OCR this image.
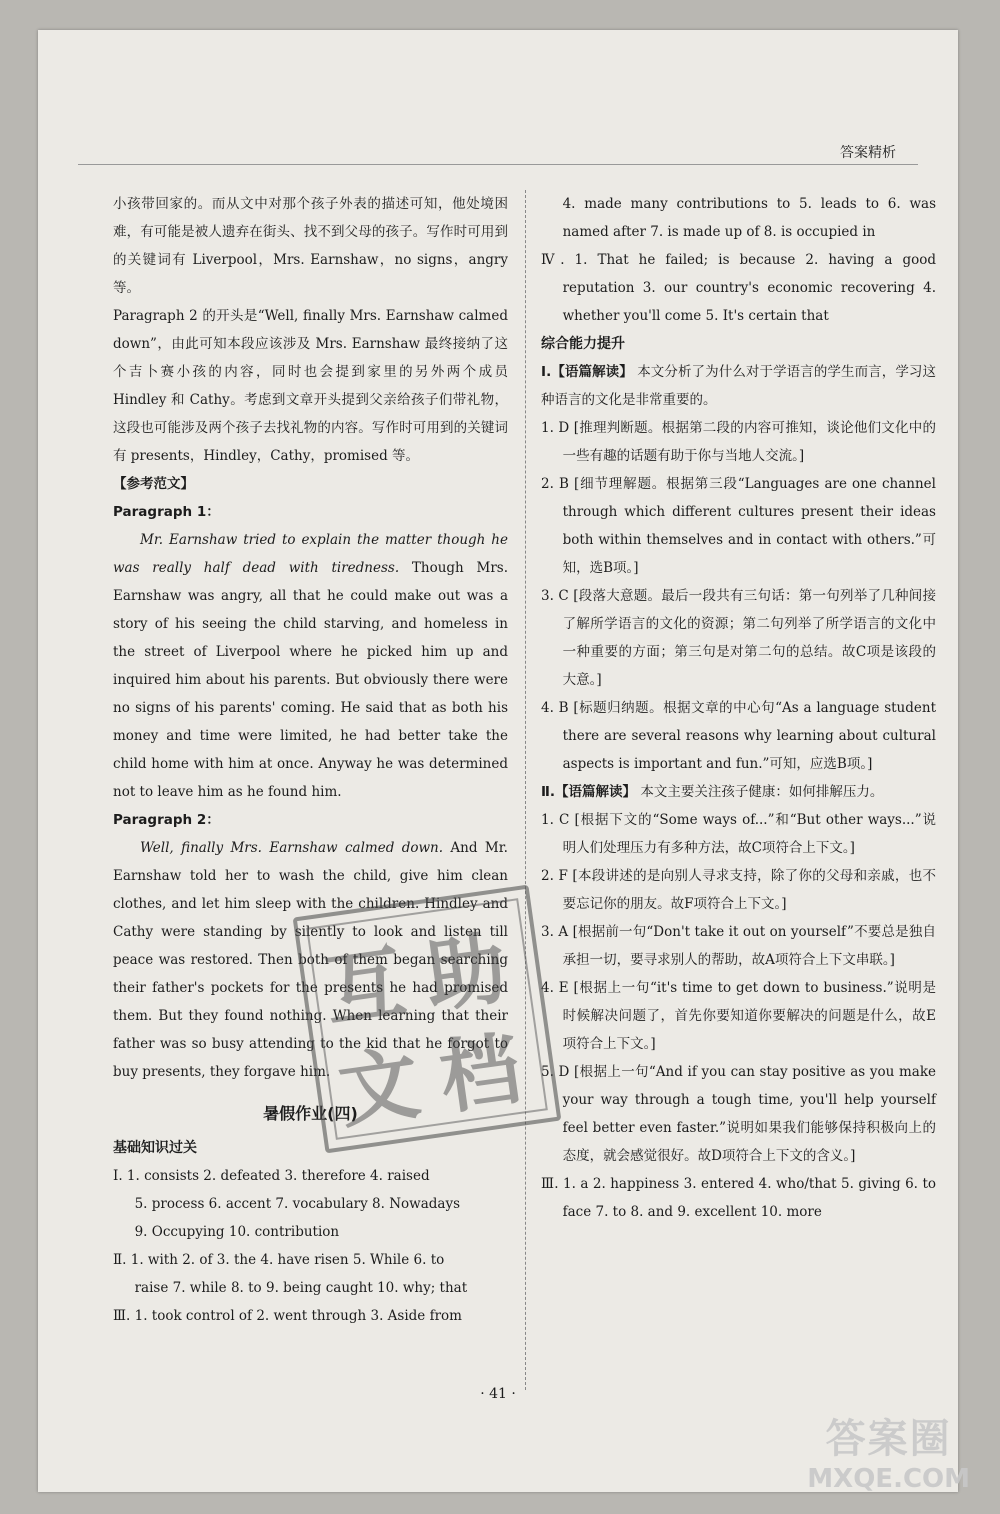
答案精析

小孩带回家的。而从文中对那个孩子外表的描述可知，他处境困难，有可能是被人遗弃在街头、找不到父母的孩子。写作时可用到的关键词有 Liverpool，Mrs. Earnshaw，no signs，angry 等。

Paragraph 2 的开头是“Well, finally Mrs. Earnshaw calmed down”，由此可知本段应该涉及 Mrs. Earnshaw 最终接纳了这个吉卜赛小孩的内容，同时也会提到家里的另外两个成员 Hindley 和 Cathy。考虑到文章开头提到父亲给孩子们带礼物，这段也可能涉及两个孩子去找礼物的内容。写作时可用到的关键词有 presents，Hindley，Cathy，promised 等。

【参考范文】

Paragraph 1：

Mr. Earnshaw tried to explain the matter though he was really half dead with tiredness. Though Mrs. Earnshaw was angry, all that he could make out was a story of his seeing the child starving, and homeless in the street of Liverpool where he picked him up and inquired him about his parents. But obviously there were no signs of his parents' coming. He said that as both his money and time were limited, he had better take the child home with him at once. Anyway he was determined not to leave him as he found him.

Paragraph 2：

Well, finally Mrs. Earnshaw calmed down. And Mr. Earnshaw told her to wash the child, give him clean clothes, and let him sleep with the children. Hindley and Cathy were standing by silently to look and listen till peace was restored. Then both of them began searching their father's pockets for the presents he had promised them. But they found nothing. When learning that their father was so busy attending to the kid that he forgot to buy presents, they forgave him.

暑假作业(四)

基础知识过关

Ⅰ. 1. consists 2. defeated 3. therefore 4. raised

5. process 6. accent 7. vocabulary 8. Nowadays

9. Occupying 10. contribution

Ⅱ. 1. with 2. of 3. the 4. have risen 5. While 6. to

raise 7. while 8. to 9. being caught 10. why; that

Ⅲ. 1. took control of 2. went through 3. Aside from

4. made many contributions to 5. leads to 6. was named after 7. is made up of 8. is occupied in

Ⅳ. 1. That he failed; is because 2. having a good reputation 3. our country's economic recovering 4. whether you'll come 5. It's certain that

综合能力提升

Ⅰ.【语篇解读】 本文分析了为什么对于学语言的学生而言，学习这种语言的文化是非常重要的。

1. D [推理判断题。根据第二段的内容可推知，谈论他们文化中的一些有趣的话题有助于你与当地人交流。]

2. B [细节理解题。根据第三段“Languages are one channel through which different cultures present their ideas both within themselves and in contact with others.”可知，选B项。]

3. C [段落大意题。最后一段共有三句话：第一句列举了几种间接了解所学语言的文化的资源；第二句列举了所学语言的文化中一种重要的方面；第三句是对第二句的总结。故C项是该段的大意。]

4. B [标题归纳题。根据文章的中心句“As a language student there are several reasons why learning about cultural aspects is important and fun.”可知，应选B项。]

Ⅱ.【语篇解读】 本文主要关注孩子健康：如何排解压力。

1. C [根据下文的“Some ways of...”和“But other ways...”说明人们处理压力有多种方法，故C项符合上下文。]

2. F [本段讲述的是向别人寻求支持，除了你的父母和亲戚，也不要忘记你的朋友。故F项符合上下文。]

3. A [根据前一句“Don't take it out on yourself”不要总是独自承担一切，要寻求别人的帮助，故A项符合上下文串联。]

4. E [根据上一句“it's time to get down to business.”说明是时候解决问题了，首先你要知道你要解决的问题是什么，故E项符合上下文。]

5. D [根据上一句“And if you can stay positive as you make your way through a tough time, you'll help yourself feel better even faster.”说明如果我们能够保持积极向上的态度，就会感觉很好。故D项符合上下文的含义。]

Ⅲ. 1. a 2. happiness 3. entered 4. who/that 5. giving 6. to face 7. to 8. and 9. excellent 10. more

· 41 ·
互 助
文 档
答案圈
MXQE.COM
